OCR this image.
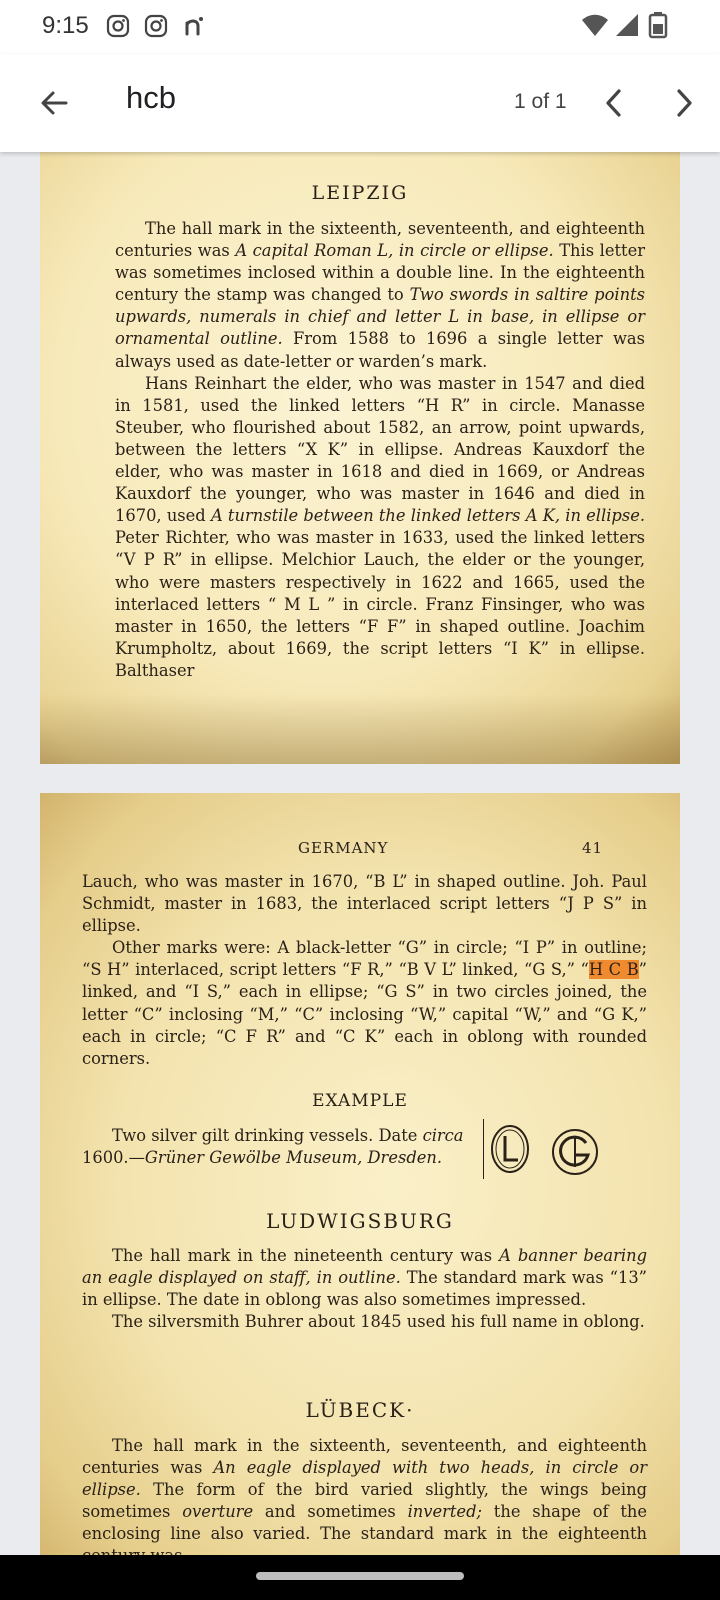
9:15
hcb	1 of 1
LEIPZIG

The hall mark in the sixteenth, seventeenth, and eighteenth centuries was A capital Roman L, in circle or ellipse. This letter was sometimes inclosed within a double line. In the eighteenth century the stamp was changed to Two swords in saltire points upwards, numerals in chief and letter L in base, in ellipse or ornamental outline. From 1588 to 1696 a single letter was always used as date-letter or warden’s mark.

Hans Reinhart the elder, who was master in 1547 and died in 1581, used the linked letters “H R” in circle. Manasse Steuber, who flourished about 1582, an arrow, point upwards, between the letters “X K” in ellipse. Andreas Kauxdorf the elder, who was master in 1618 and died in 1669, or Andreas Kauxdorf the younger, who was master in 1646 and died in 1670, used A turnstile between the linked letters A K, in ellipse. Peter Richter, who was master in 1633, used the linked letters “V P R” in ellipse. Melchior Lauch, the elder or the younger, who were masters respectively in 1622 and 1665, used the interlaced letters “ M L ” in circle. Franz Finsinger, who was master in 1650, the letters “F F” in shaped outline. Joachim Krumpholtz, about 1669, the script letters “I K” in ellipse. Balthaser

GERMANY	41

Lauch, who was master in 1670, “B L” in shaped outline. Joh. Paul Schmidt, master in 1683, the interlaced script letters “J P S” in ellipse.

Other marks were: A black-letter “G” in circle; “I P” in outline; “S H” interlaced, script letters “F R,” “B V L” linked, “G S,” “H C B” linked, and “I S,” each in ellipse; “G S” in two circles joined, the letter “C” inclosing “M,” “C” inclosing “W,” capital “W,” and “G K,” each in circle; “C F R” and “C K” each in oblong with rounded corners.

EXAMPLE
Two silver gilt drinking vessels. Date circa 1600.—Grüner Gewölbe Museum, Dresden.
LUDWIGSBURG

The hall mark in the nineteenth century was A banner bearing an eagle displayed on staff, in outline. The standard mark was “13” in ellipse. The date in oblong was also sometimes impressed.

The silversmith Buhrer about 1845 used his full name in oblong.

LÜBECK·

The hall mark in the sixteenth, seventeenth, and eighteenth centuries was An eagle displayed with two heads, in circle or ellipse. The form of the bird varied slightly, the wings being sometimes overture and sometimes inverted; the shape of the enclosing line also varied. The standard mark in the eighteenth
